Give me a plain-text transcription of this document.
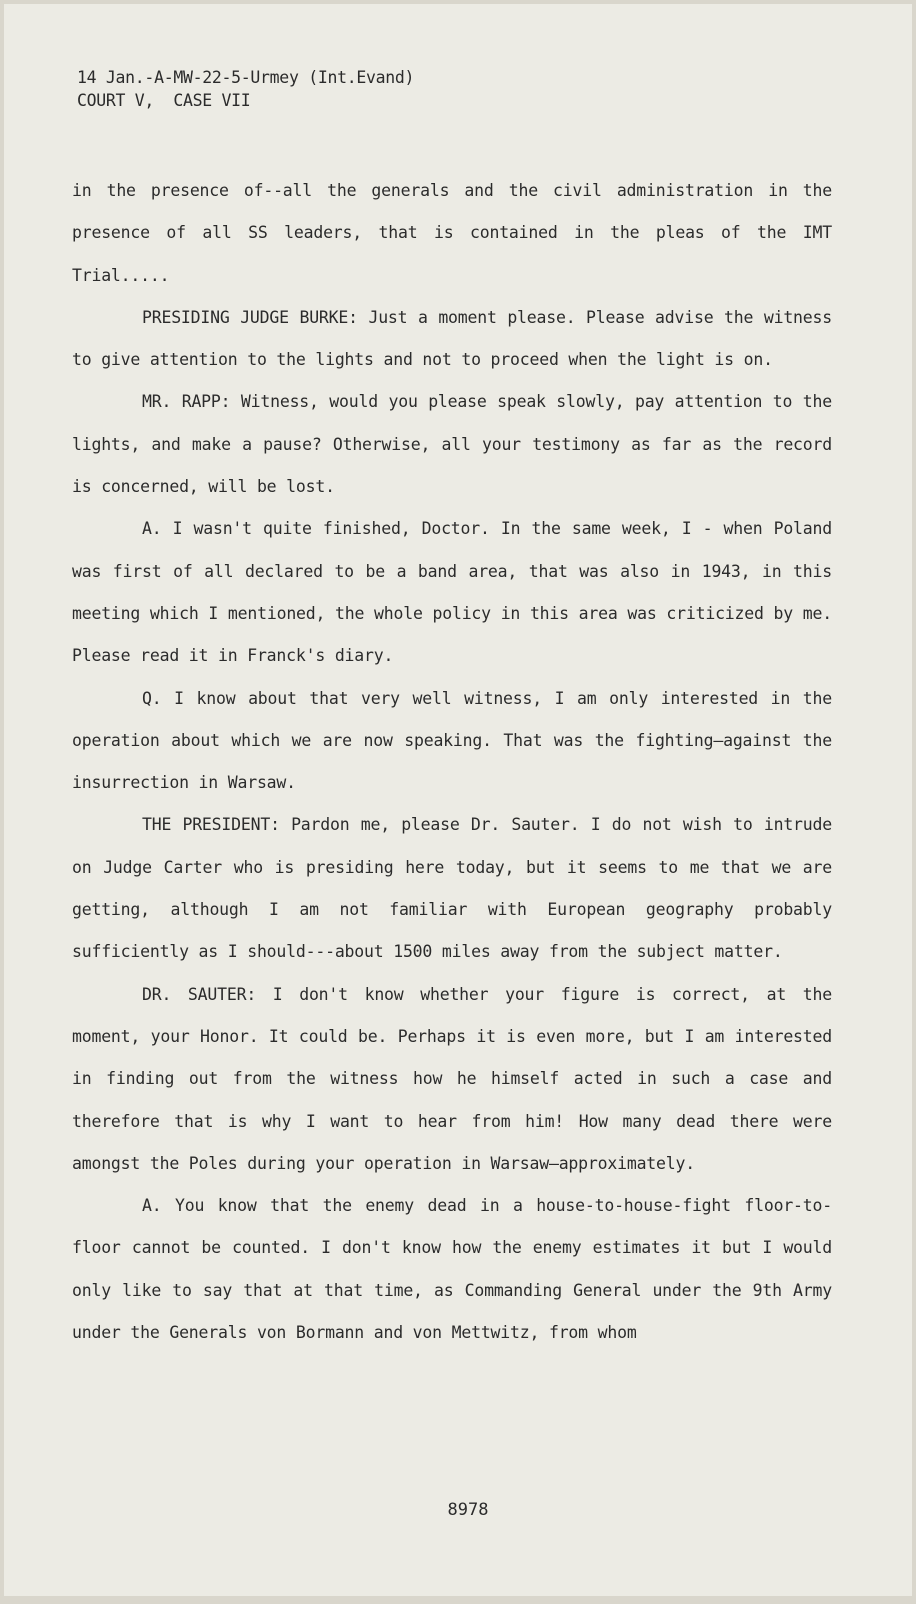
14 Jan.-A-MW-22-5-Urmey (Int.Evand)
COURT V,  CASE VII

in the presence of--all the generals and the civil administration in the presence of all SS leaders, that is contained in the pleas of the IMT Trial.....

PRESIDING JUDGE BURKE: Just a moment please. Please advise the witness to give attention to the lights and not to proceed when the light is on.

MR. RAPP: Witness, would you please speak slowly, pay attention to the lights, and make a pause? Otherwise, all your testimony as far as the record is concerned, will be lost.

A. I wasn't quite finished, Doctor. In the same week, I - when Poland was first of all declared to be a band area, that was also in 1943, in this meeting which I mentioned, the whole policy in this area was criticized by me. Please read it in Franck's diary.

Q. I know about that very well witness, I am only interested in the operation about which we are now speaking. That was the fighting—against the insurrection in Warsaw.

THE PRESIDENT: Pardon me, please Dr. Sauter. I do not wish to intrude on Judge Carter who is presiding here today, but it seems to me that we are getting, although I am not familiar with European geography probably sufficiently as I should---about 1500 miles away from the subject matter.

DR. SAUTER: I don't know whether your figure is correct, at the moment, your Honor. It could be. Perhaps it is even more, but I am interested in finding out from the witness how he himself acted in such a case and therefore that is why I want to hear from him! How many dead there were amongst the Poles during your operation in Warsaw—approximately.

A. You know that the enemy dead in a house-to-house-fight floor-to-floor cannot be counted. I don't know how the enemy estimates it but I would only like to say that at that time, as Commanding General under the 9th Army under the Generals von Bormann and von Mettwitz, from whom

8978
